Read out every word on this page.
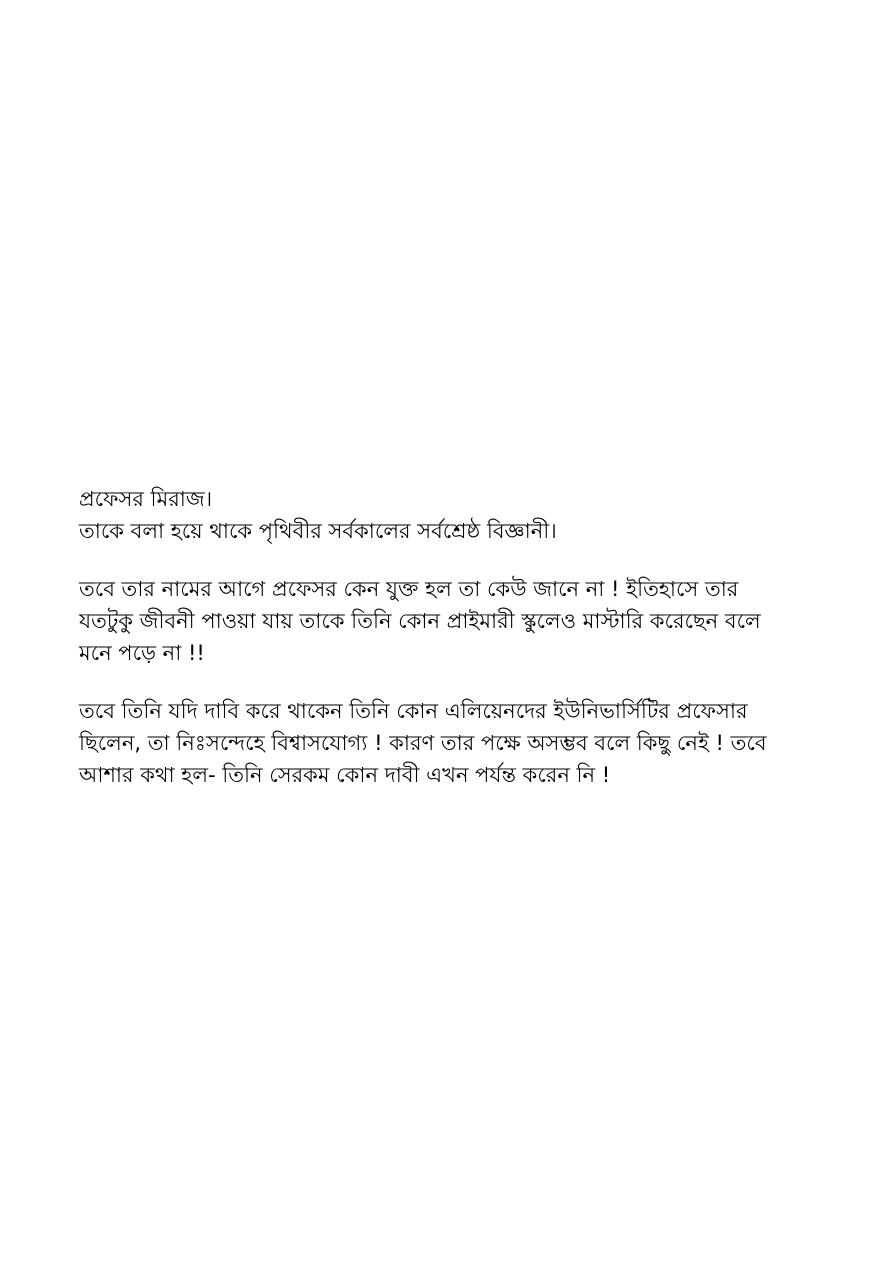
প্রফেসর মিরাজ।

তাকে বলা হয়ে থাকে পৃথিবীর সর্বকালের সর্বশ্রেষ্ঠ বিজ্ঞানী।

তবে তার নামের আগে প্রফেসর কেন যুক্ত হল তা কেউ জানে না ! ইতিহাসে তার

যতটুকু জীবনী পাওয়া যায় তাকে তিনি কোন প্রাইমারী স্কুলেও মাস্টারি করেছেন বলে

মনে পড়ে না !!

তবে তিনি যদি দাবি করে থাকেন তিনি কোন এলিয়েনদের ইউনিভার্সিটির প্রফেসার

ছিলেন, তা নিঃসন্দেহে বিশ্বাসযোগ্য ! কারণ তার পক্ষে অসম্ভব বলে কিছু নেই ! তবে

আশার কথা হল- তিনি সেরকম কোন দাবী এখন পর্যন্ত করেন নি !
